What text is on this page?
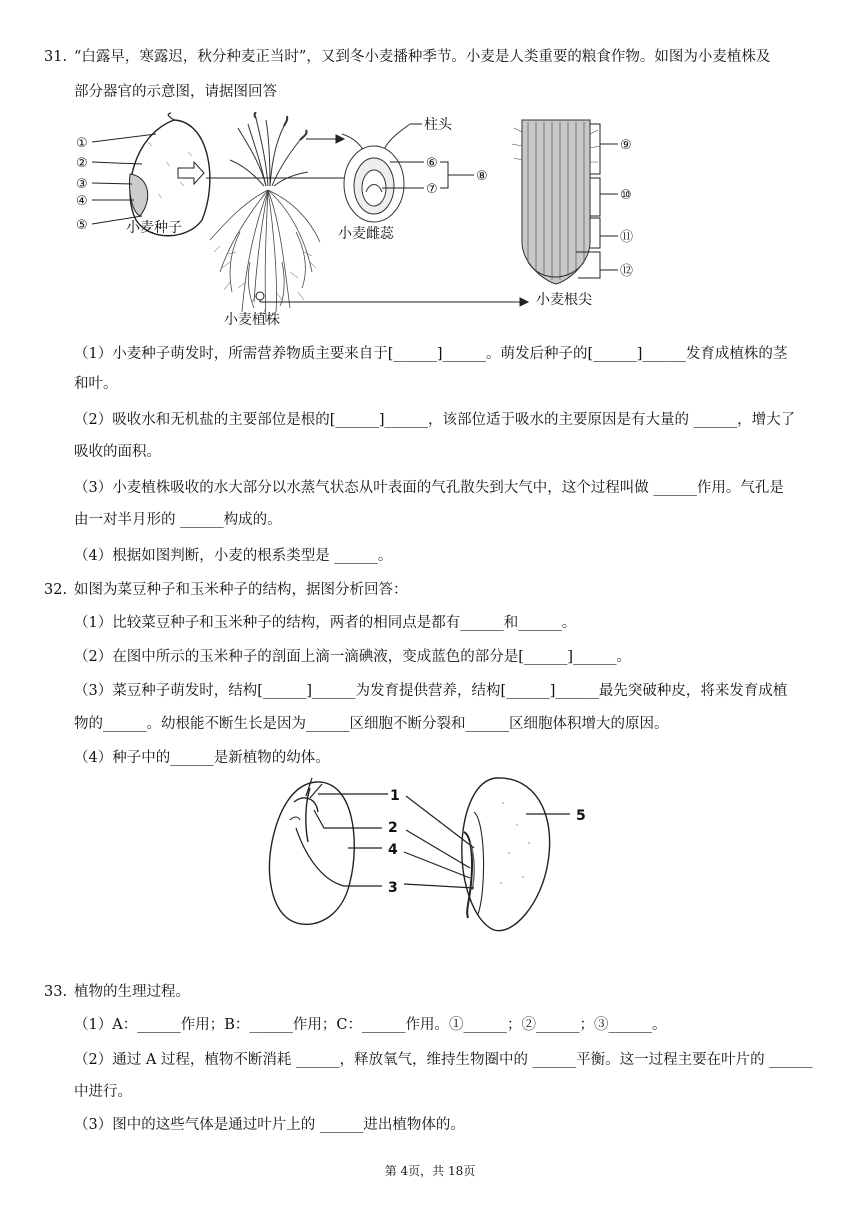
31. “白露早，寒露迟，秋分种麦正当时”，又到冬小麦播种季节。小麦是人类重要的粮食作物。如图为小麦植株及
部分器官的示意图，请据图回答
①
②
③
④
⑤	小麦种子
小麦植株
柱头
⑥
⑦
⑧
小麦雌蕊
⑨
⑩
⑪
⑫
小麦根尖
（1）小麦种子萌发时，所需营养物质主要来自于[______]______。萌发后种子的[______]______发育成植株的茎
和叶。
（2）吸收水和无机盐的主要部位是根的[______]______，该部位适于吸水的主要原因是有大量的 ______，增大了
吸收的面积。
（3）小麦植株吸收的水大部分以水蒸气状态从叶表面的气孔散失到大气中，这个过程叫做 ______作用。气孔是
由一对半月形的 ______构成的。
（4）根据如图判断，小麦的根系类型是 ______。
32. 如图为菜豆种子和玉米种子的结构，据图分析回答：
（1）比较菜豆种子和玉米种子的结构，两者的相同点是都有______和______。
（2）在图中所示的玉米种子的剖面上滴一滴碘液，变成蓝色的部分是[______]______。
（3）菜豆种子萌发时，结构[______]______为发育提供营养，结构[______]______最先突破种皮，将来发育成植
物的______。幼根能不断生长是因为______区细胞不断分裂和______区细胞体积增大的原因。
（4）种子中的______是新植物的幼体。
1
2
4
3
5
33. 植物的生理过程。
（1）A：______作用；B：______作用；C：______作用。①______；②______；③______。
（2）通过 A 过程，植物不断消耗 ______，释放氧气，维持生物圈中的 ______平衡。这一过程主要在叶片的 ______
中进行。
（3）图中的这些气体是通过叶片上的 ______进出植物体的。
第 4页，共 18页
